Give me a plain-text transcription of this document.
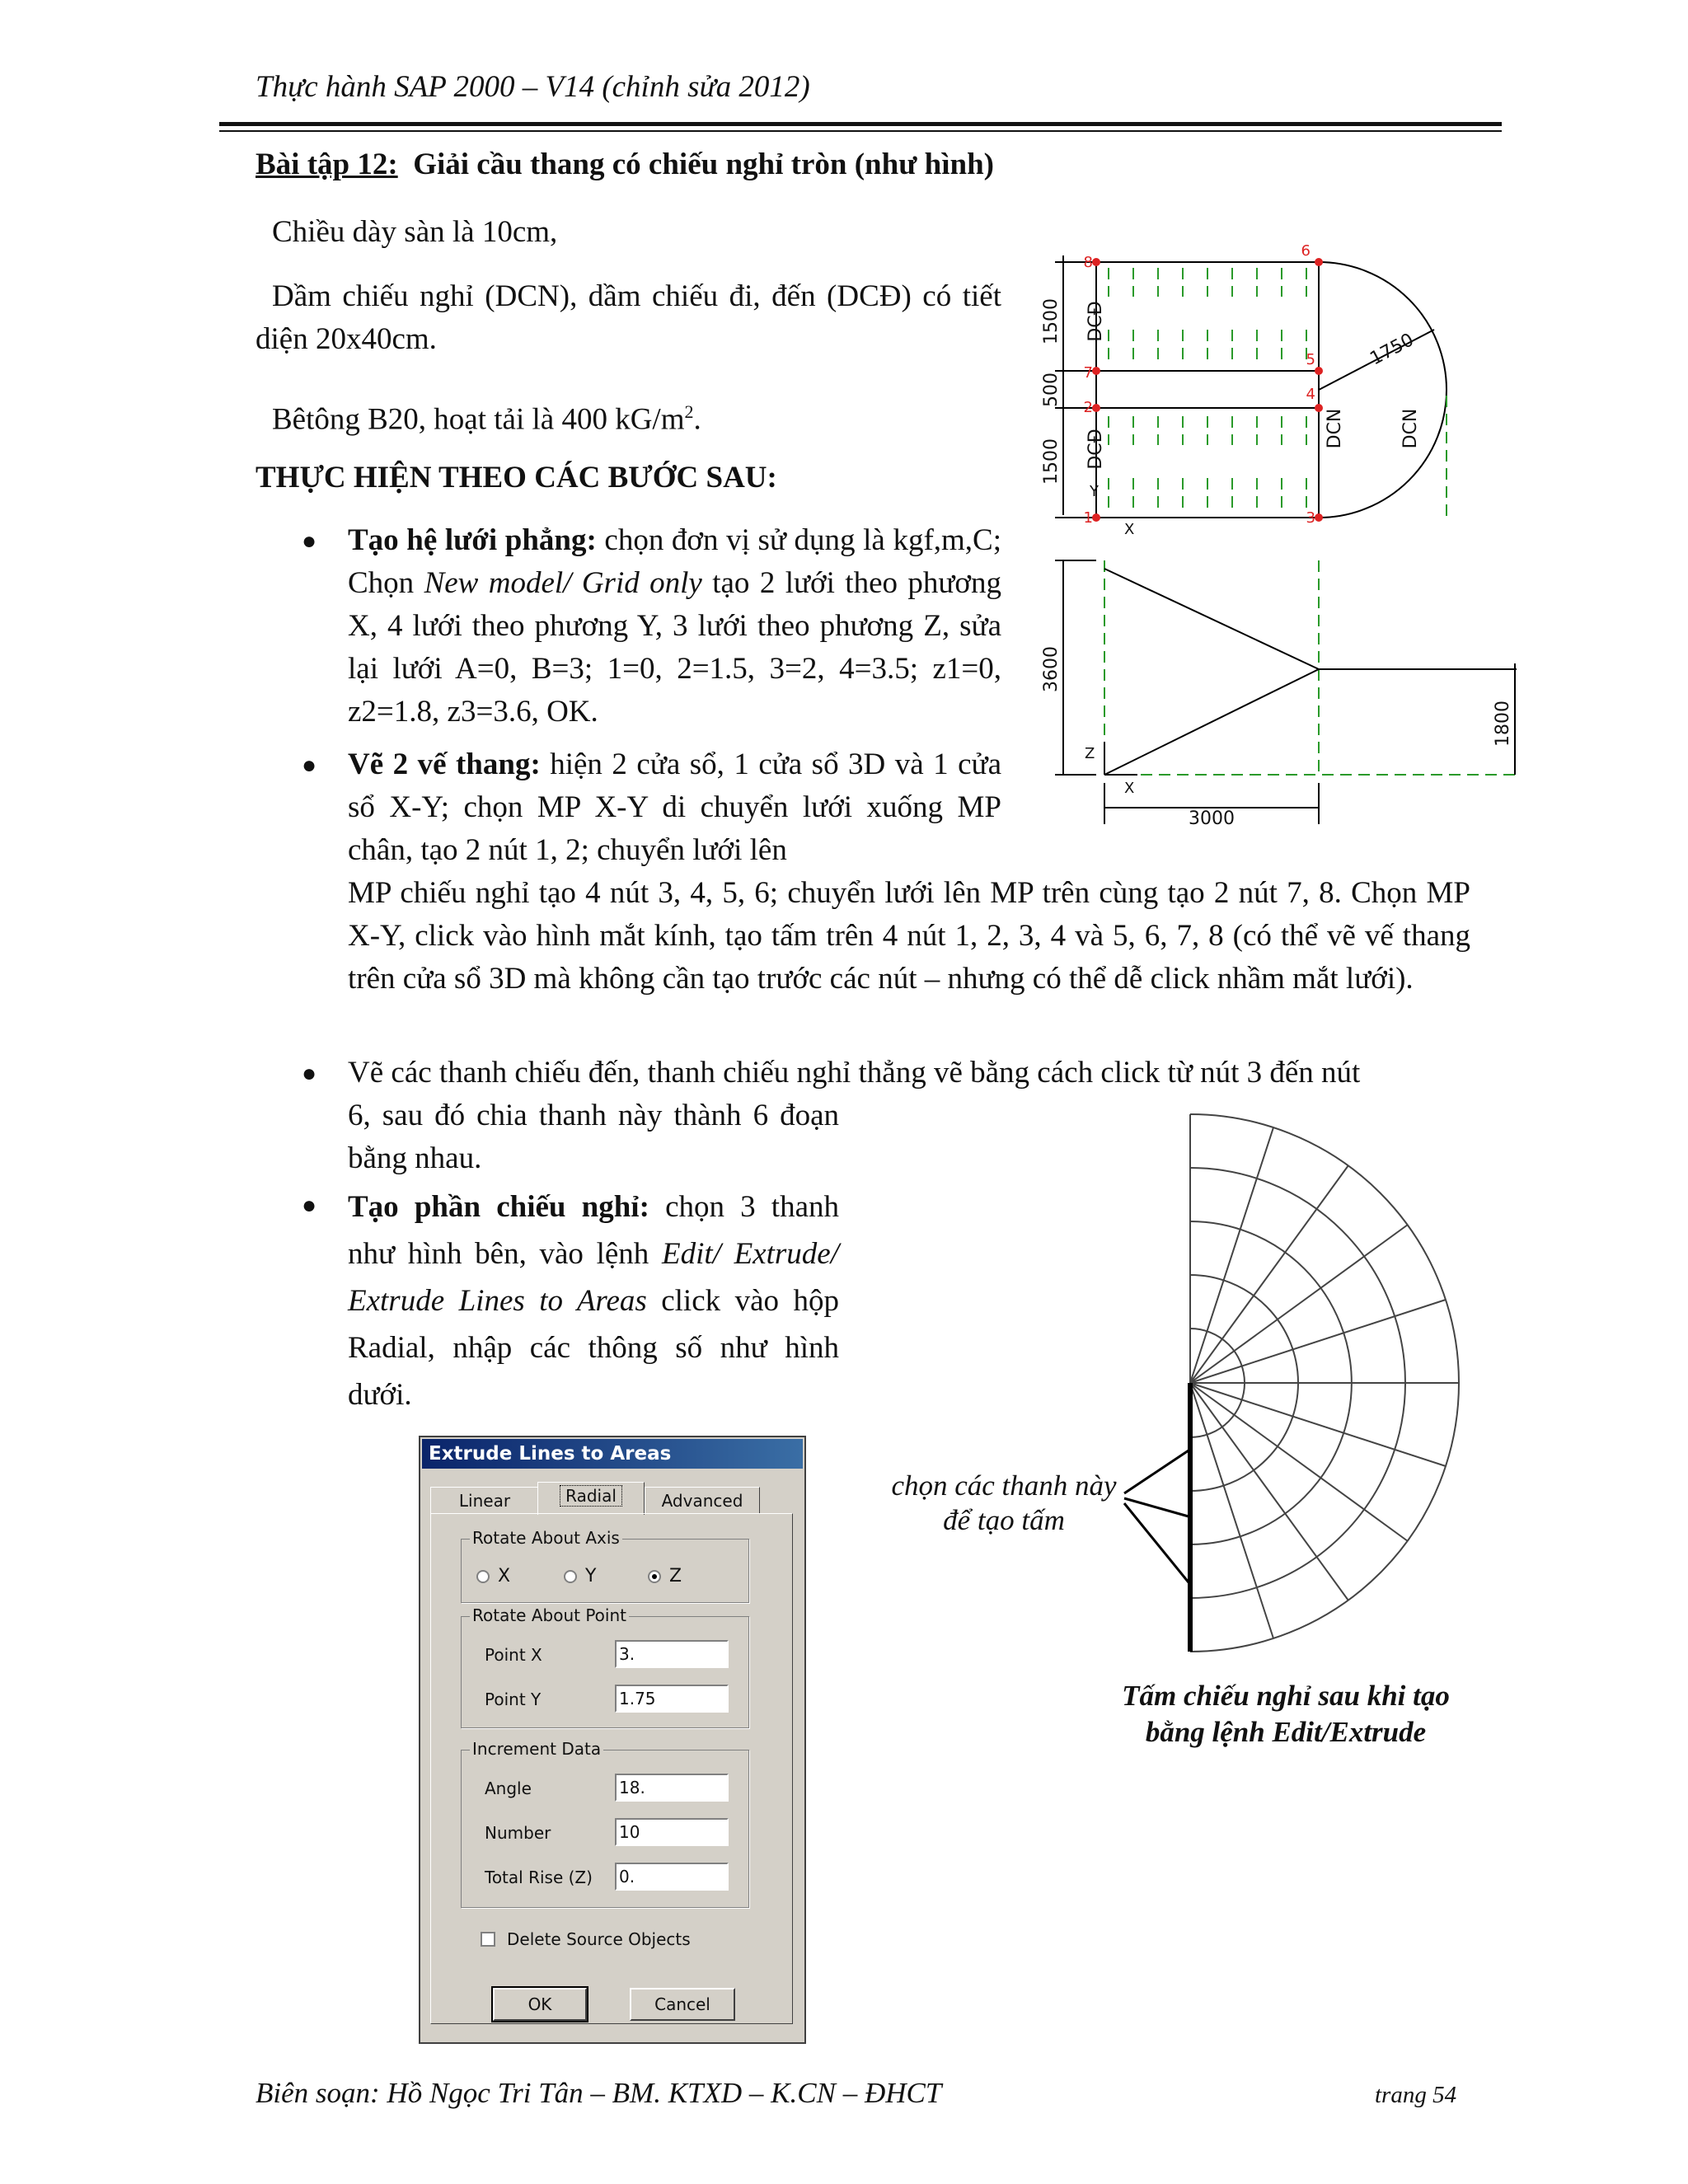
Thực hành SAP 2000 – V14 (chỉnh sửa 2012)
Bài tập 12: Giải cầu thang có chiếu nghỉ tròn (như hình)
Chiều dày sàn là 10cm,
Dầm chiếu nghỉ (DCN), dầm chiếu đi, đến (DCĐ) có tiết diện 20x40cm.
Bêtông B20, hoạt tải là 400 $kG/m^2$.
THỰC HIỆN THEO CÁC BƯỚC SAU:
● Tạo hệ lưới phẳng: chọn đơn vị sử dụng là kgf,m,C; Chọn New model/ Grid only tạo 2 lưới theo phương X, 4 lưới theo phương Y, 3 lưới theo phương Z, sửa lại lưới A=0, B=3; 1=0, 2=1.5, 3=2, 4=3.5; z1=0, z2=1.8, z3=3.6, OK.
● Vẽ 2 vế thang: hiện 2 cửa sổ, 1 cửa sổ 3D và 1 cửa sổ X-Y; chọn MP X-Y di chuyển lưới xuống MP chân, tạo 2 nút 1, 2; chuyển lưới lên
MP chiếu nghỉ tạo 4 nút 3, 4, 5, 6; chuyển lưới lên MP trên cùng tạo 2 nút 7, 8. Chọn MP X-Y, click vào hình mắt kính, tạo tấm trên 4 nút 1, 2, 3, 4 và 5, 6, 7, 8 (có thể vẽ vế thang trên cửa sổ 3D mà không cần tạo trước các nút – nhưng có thể dễ click nhầm mắt lưới).
● Vẽ các thanh chiếu đến, thanh chiếu nghỉ thẳng vẽ bằng cách click từ nút 3 đến nút
6, sau đó chia thanh này thành 6 đoạn bằng nhau.
● Tạo phần chiếu nghỉ: chọn 3 thanh như hình bên, vào lệnh Edit/ Extrude/ Extrude Lines to Areas click vào hộp Radial, nhập các thông số như hình dưới.
1
2
3
4
5
6
7
8
1500
500
1500
1750
DCĐ
DCĐ
DCN	DCN
X
Y
3600
1800
3000
Z
X
chọn các thanh này
để tạo tấm
Tấm chiếu nghỉ sau khi tạo
bằng lệnh Edit/Extrude
Extrude Lines to Areas
Linear	Radial	Advanced
Rotate About Axis
X	Y	Z
Rotate About Point
Point X	3.
Point Y	1.75
Increment Data
Angle	18.
Number	10
Total Rise (Z) 0.
Delete Source Objects
OK	Cancel
Biên soạn: Hồ Ngọc Tri Tân – BM. KTXD – K.CN – ĐHCT	trang 54
